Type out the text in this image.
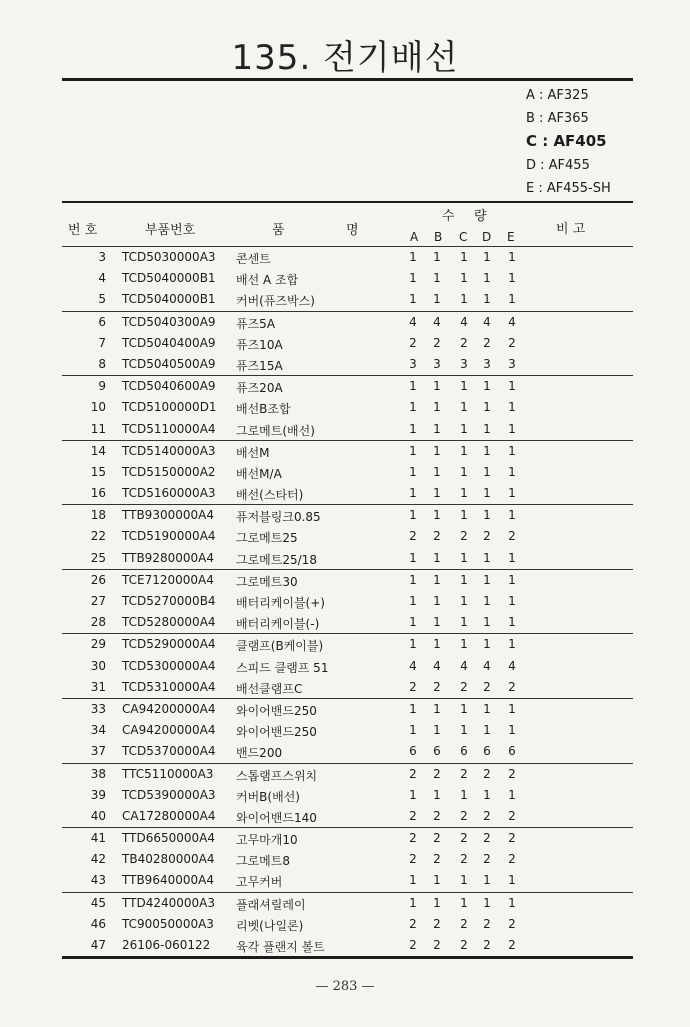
135. 전기배선
A : AF325
B : AF365
C : AF405
D : AF455
E : AF455-SH
번 호	부품번호	품	명
수 량
A B C D E	비 고
3 TCD5030000A3 콘센트	1 1 1 1 1
4 TCD5040000B1 배선 A 조합	1 1 1 1 1
5 TCD5040000B1 커버(퓨즈박스)	1 1 1 1 1
6 TCD5040300A9 퓨즈5A	4 4 4 4 4
7 TCD5040400A9 퓨즈10A	2 2 2 2 2
8 TCD5040500A9 퓨즈15A	3 3 3 3 3
9 TCD5040600A9 퓨즈20A	1 1 1 1 1
10 TCD5100000D1 배선B조합	1 1 1 1 1
11 TCD5110000A4 그로메트(배선)	1 1 1 1 1
14 TCD5140000A3 배선M	1 1 1 1 1
15 TCD5150000A2 배선M/A	1 1 1 1 1
16 TCD5160000A3 배선(스타터)	1 1 1 1 1
18 TTB9300000A4 퓨저블링크0.85	1 1 1 1 1
22 TCD5190000A4 그로메트25	2 2 2 2 2
25 TTB9280000A4 그로메트25/18	1 1 1 1 1
26 TCE7120000A4 그로메트30	1 1 1 1 1
27 TCD5270000B4 배터리케이블(+)	1 1 1 1 1
28 TCD5280000A4 배터리케이블(-)	1 1 1 1 1
29 TCD5290000A4 클램프(B케이블)	1 1 1 1 1
30 TCD5300000A4 스피드 클램프 51	4 4 4 4 4
31 TCD5310000A4 배선클램프C	2 2 2 2 2
33 CA94200000A4 와이어밴드250	1 1 1 1 1
34 CA94200000A4 와이어밴드250	1 1 1 1 1
37 TCD5370000A4 밴드200	6 6 6 6 6
38 TTC5110000A3 스톱램프스위치	2 2 2 2 2
39 TCD5390000A3 커버B(배선)	1 1 1 1 1
40 CA17280000A4 와이어밴드140	2 2 2 2 2
41 TTD6650000A4 고무마개10	2 2 2 2 2
42 TB40280000A4 그로메트8	2 2 2 2 2
43 TTB9640000A4 고무커버	1 1 1 1 1
45 TTD4240000A3 플래셔릴레이	1 1 1 1 1
46 TC90050000A3 리벳(나일론)	2 2 2 2 2
47 26106-060122 육각 플랜지 볼트	2 2 2 2 2
— 283 —
